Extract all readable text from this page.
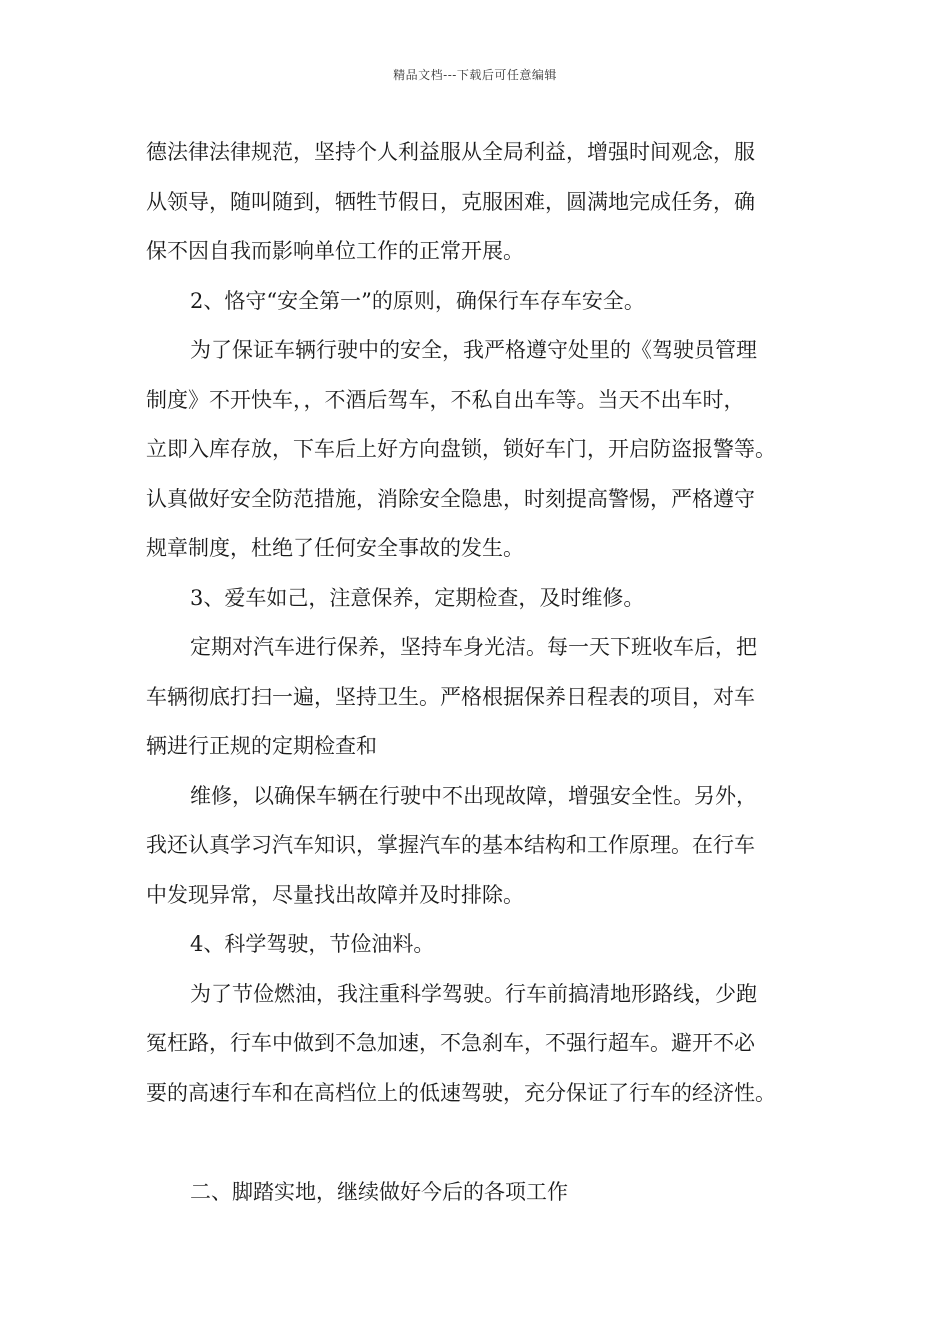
精品文档---下载后可任意编辑
德法律法律规范，坚持个人利益服从全局利益，增强时间观念，服
从领导，随叫随到，牺牲节假日，克服困难，圆满地完成任务，确
保不因自我而影响单位工作的正常开展。
2、恪守“安全第一”的原则，确保行车存车安全。
为了保证车辆行驶中的安全，我严格遵守处里的《驾驶员管理
制度》不开快车，，不酒后驾车，不私自出车等。当天不出车时，
立即入库存放，下车后上好方向盘锁，锁好车门，开启防盗报警等。
认真做好安全防范措施，消除安全隐患，时刻提高警惕，严格遵守
规章制度，杜绝了任何安全事故的发生。
3、爱车如己，注意保养，定期检查，及时维修。
定期对汽车进行保养，坚持车身光洁。每一天下班收车后，把
车辆彻底打扫一遍，坚持卫生。严格根据保养日程表的项目，对车
辆进行正规的定期检查和
维修，以确保车辆在行驶中不出现故障，增强安全性。另外，
我还认真学习汽车知识，掌握汽车的基本结构和工作原理。在行车
中发现异常，尽量找出故障并及时排除。
4、科学驾驶，节俭油料。
为了节俭燃油，我注重科学驾驶。行车前搞清地形路线，少跑
冤枉路，行车中做到不急加速，不急刹车，不强行超车。避开不必
要的高速行车和在高档位上的低速驾驶，充分保证了行车的经济性。
二、脚踏实地，继续做好今后的各项工作
